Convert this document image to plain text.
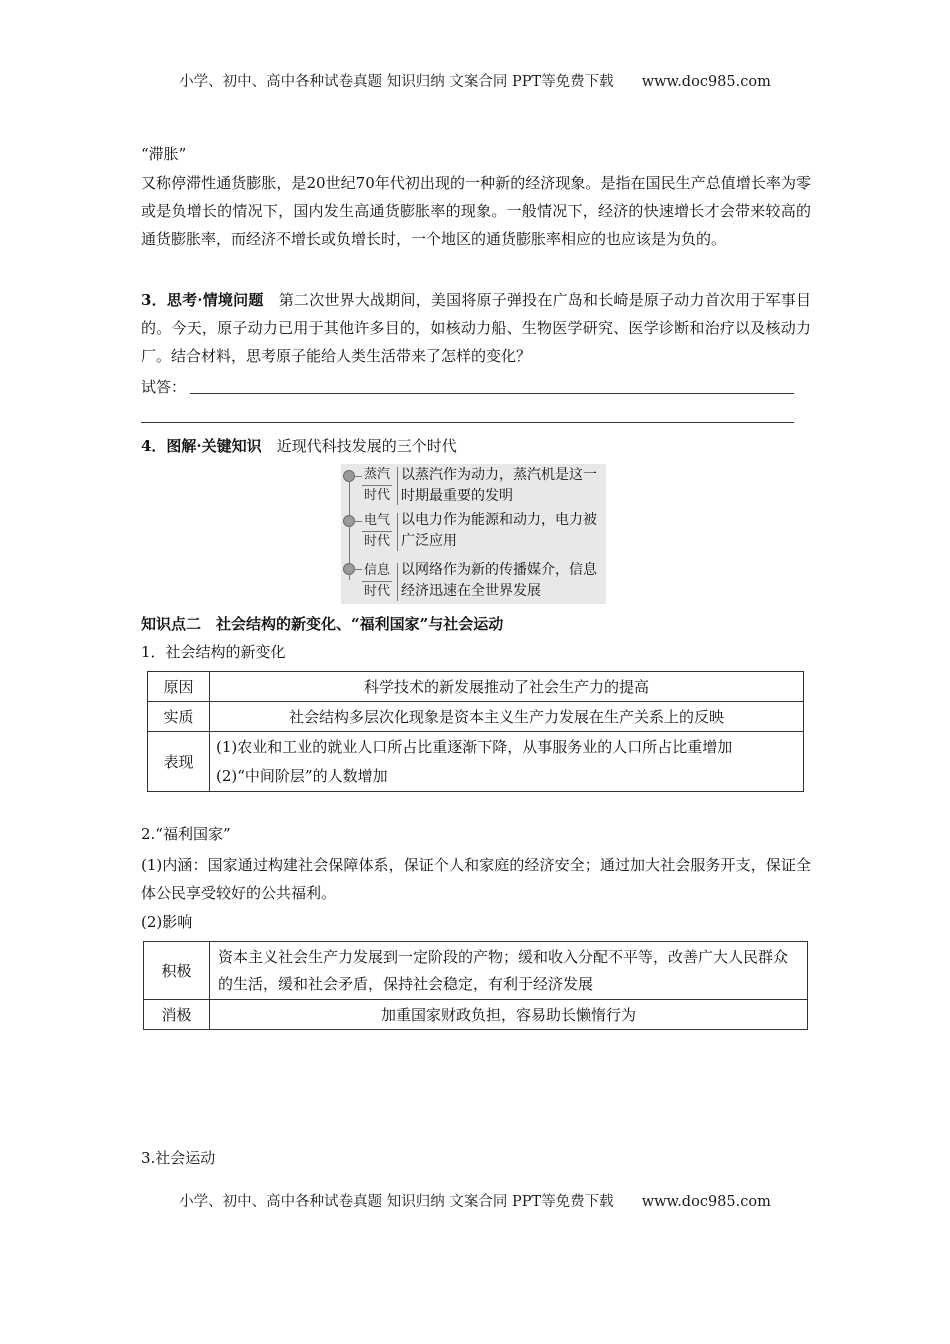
小学、初中、高中各种试卷真题 知识归纳 文案合同 PPT等免费下载 www.doc985.com
“滞胀”
又称停滞性通货膨胀，是20世纪70年代初出现的一种新的经济现象。是指在国民生产总值增长率为零或是负增长的情况下，国内发生高通货膨胀率的现象。一般情况下，经济的快速增长才会带来较高的通货膨胀率，而经济不增长或负增长时，一个地区的通货膨胀率相应的也应该是为负的。
3．思考·情境问题　 第二次世界大战期间，美国将原子弹投在广岛和长崎是原子动力首次用于军事目的。今天，原子动力已用于其他许多目的，如核动力船、生物医学研究、医学诊断和治疗以及核动力厂。结合材料，思考原子能给人类生活带来了怎样的变化？
试答：
4．图解·关键知识　 近现代科技发展的三个时代
蒸汽
时代
以蒸汽作为动力，蒸汽机是这一时期最重要的发明
电气
时代
以电力作为能源和动力，电力被广泛应用
信息
时代
以网络作为新的传播媒介，信息经济迅速在全世界发展
知识点二　社会结构的新变化、“福利国家”与社会运动
1．社会结构的新变化
原因	科学技术的新发展推动了社会生产力的提高
实质	社会结构多层次化现象是资本主义生产力发展在生产关系上的反映
表现	(1)农业和工业的就业人口所占比重逐渐下降，从事服务业的人口所占比重增加
(2)“中间阶层”的人数增加
2.“福利国家”
(1)内涵：国家通过构建社会保障体系，保证个人和家庭的经济安全；通过加大社会服务开支，保证全体公民享受较好的公共福利。
(2)影响
积极	资本主义社会生产力发展到一定阶段的产物；缓和收入分配不平等，改善广大人民群众的生活，缓和社会矛盾，保持社会稳定，有利于经济发展
消极	加重国家财政负担，容易助长懒惰行为
3.社会运动
小学、初中、高中各种试卷真题 知识归纳 文案合同 PPT等免费下载 www.doc985.com
